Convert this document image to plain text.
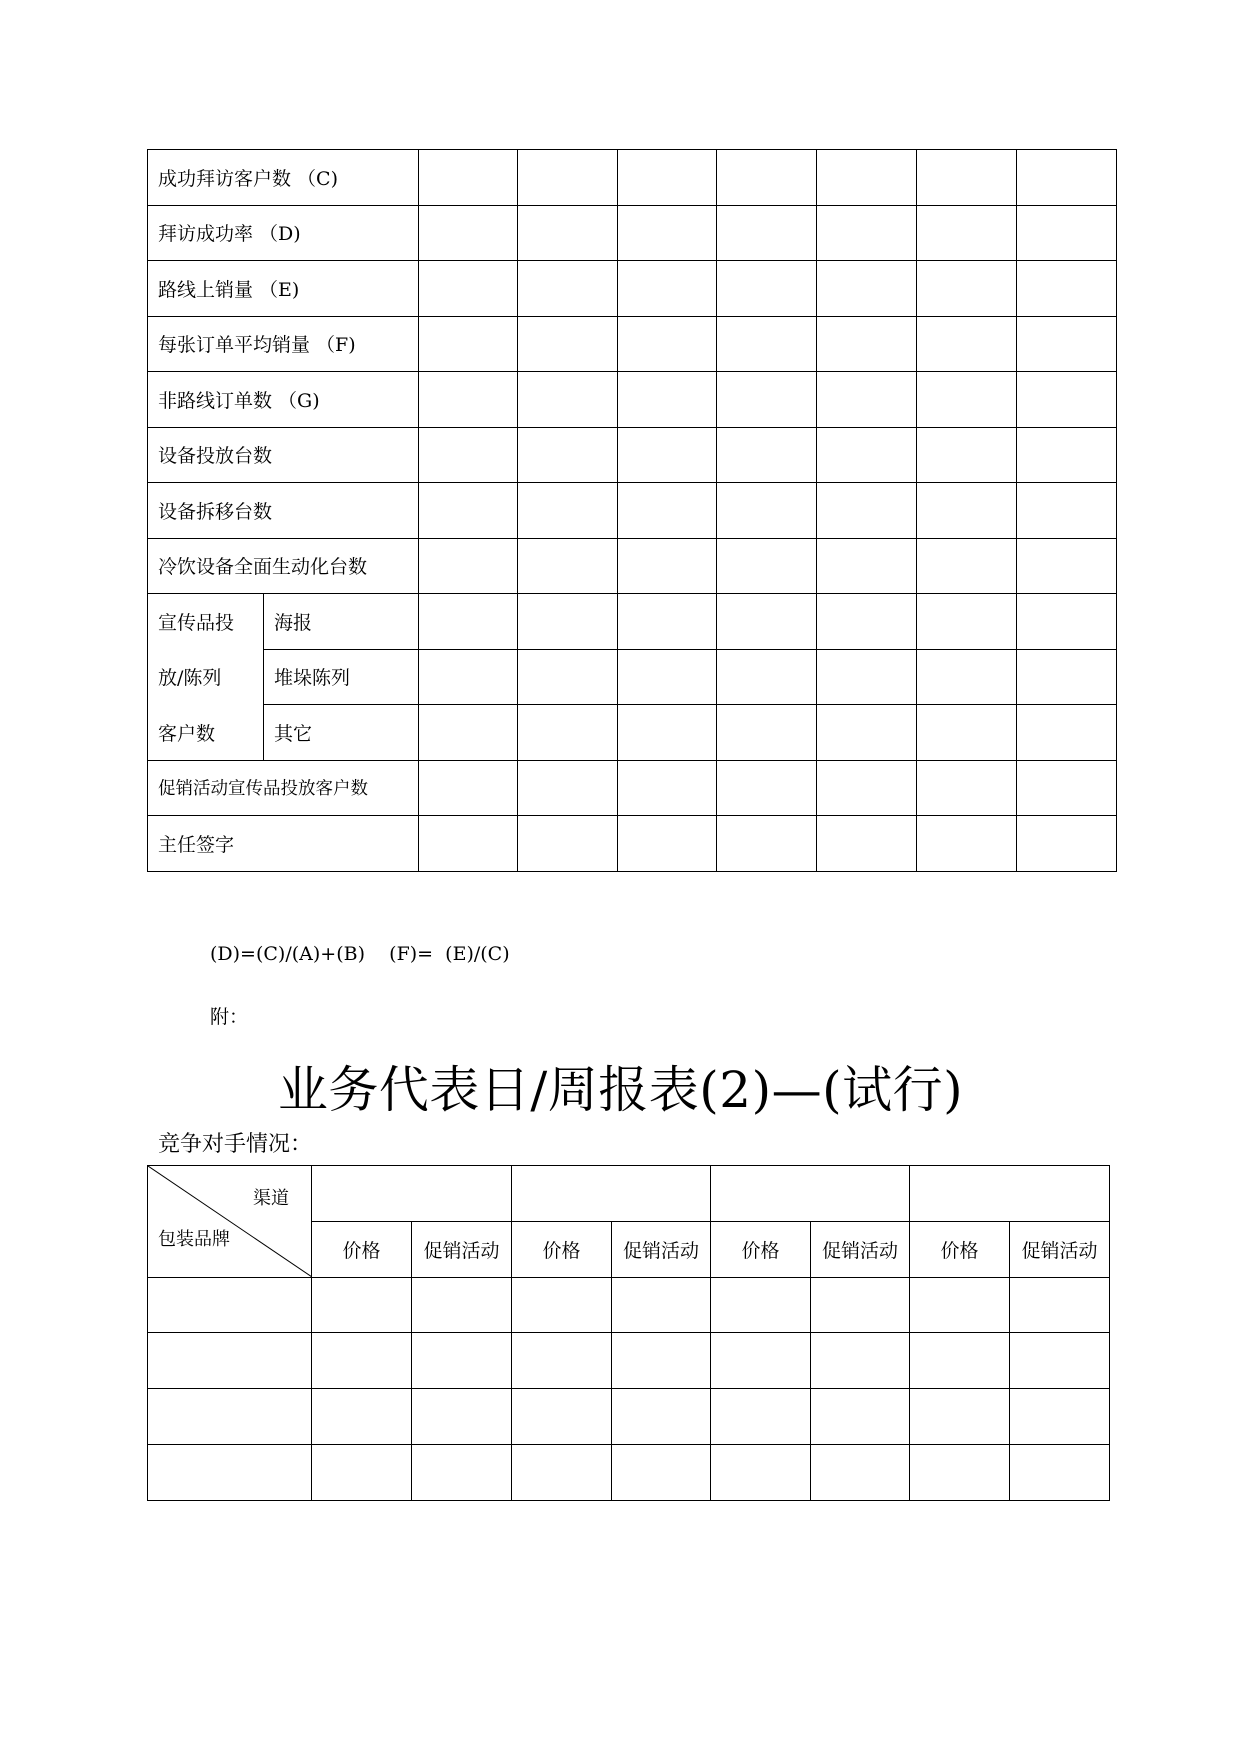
成功拜访客户数 （C)								
拜访成功率 （D)								
路线上销量 （E)								
每张订单平均销量 （F)								
非路线订单数 （G)								
设备投放台数								
设备拆移台数								
冷饮设备全面生动化台数								
宣传品投	海报							
放/陈列	堆垛陈列							
客户数	其它							
促销活动宣传品投放客户数								
主任签字								
(D)=(C)/(A)+(B)    (F)=  (E)/(C)
附：
业务代表日/周报表(2)—(试行)
竞争对手情况：
渠道
包装品牌								

	价格	促销活动	价格	促销活动	价格	促销活动	价格	促销活动
